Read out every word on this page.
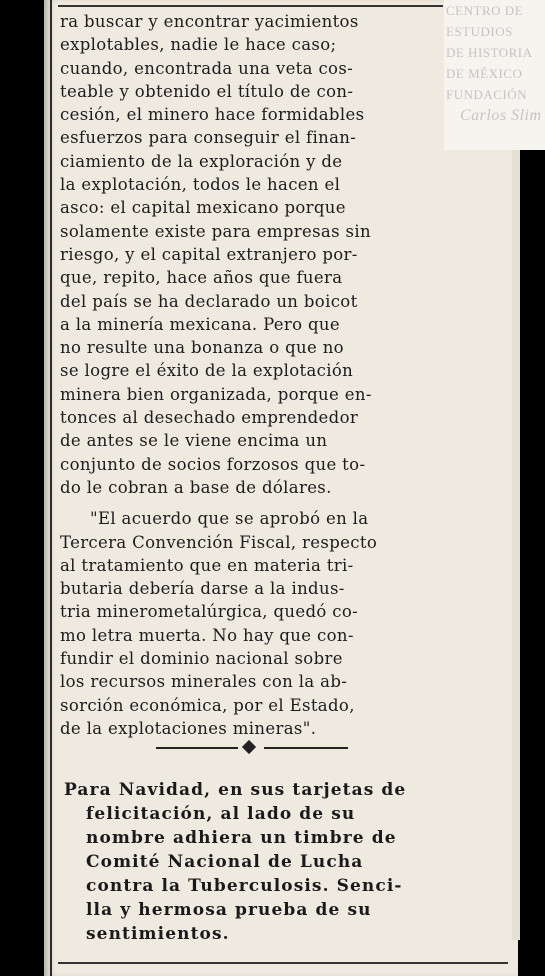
CENTRO DE
ESTUDIOS
DE HISTORIA
DE MÉXICO
FUNDACIÓN
Carlos Slim

ra buscar y encontrar yacimientos
explotables, nadie le hace caso;
cuando, encontrada una veta cos-
teable y obtenido el título de con-
cesión, el minero hace formidables
esfuerzos para conseguir el finan-
ciamiento de la exploración y de
la explotación, todos le hacen el
asco: el capital mexicano porque
solamente existe para empresas sin
riesgo, y el capital extranjero por-
que, repito, hace años que fuera
del país se ha declarado un boicot
a la minería mexicana. Pero que
no resulte una bonanza o que no
se logre el éxito de la explotación
minera bien organizada, porque en-
tonces al desechado emprendedor
de antes se le viene encima un
conjunto de socios forzosos que to-
do le cobran a base de dólares.

"El acuerdo que se aprobó en la
Tercera Convención Fiscal, respecto
al tratamiento que en materia tri-
butaria debería darse a la indus-
tria minerometalúrgica, quedó co-
mo letra muerta. No hay que con-
fundir el dominio nacional sobre
los recursos minerales con la ab-
sorción económica, por el Estado,
de la explotaciones mineras".

Para Navidad, en sus tarjetas de
felicitación, al lado de su
nombre adhiera un timbre de
Comité Nacional de Lucha
contra la Tuberculosis. Senci-
lla y hermosa prueba de su
sentimientos.
